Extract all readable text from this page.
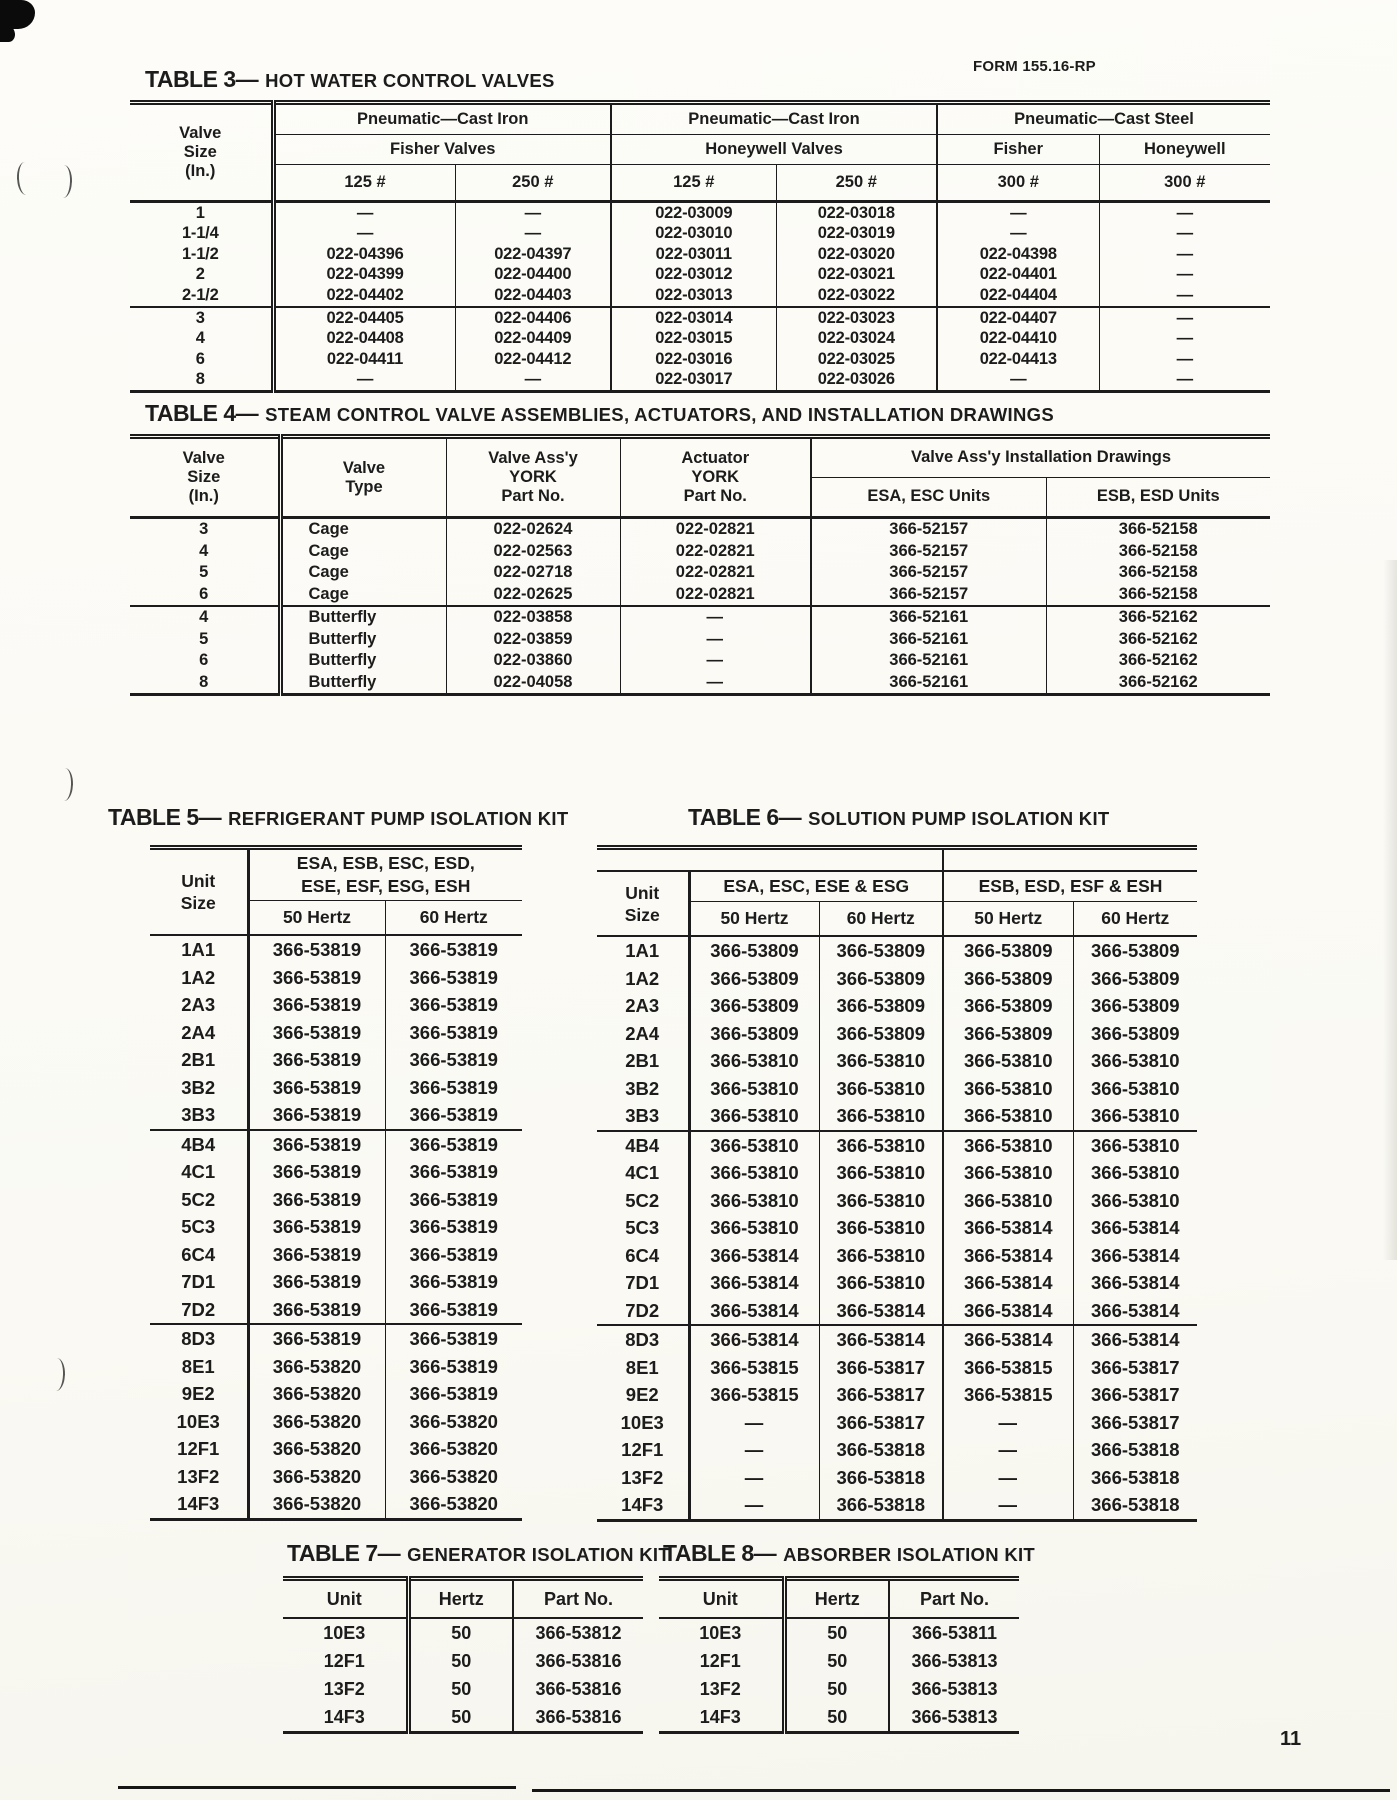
FORM 155.16-RP
TABLE 3— HOT WATER CONTROL VALVES
Valve
Size
(In.)	Pneumatic—Cast Iron		Pneumatic—Cast Iron		Pneumatic—Cast Steel	
	Fisher Valves		Honeywell Valves		Fisher	Honeywell
	125 #	250 #	125 #	250 #	300 #	300 #
1	—	—	022-03009	022-03018	—	—
1-1/4	—	—	022-03010	022-03019	—	—
1-1/2	022-04396	022-04397	022-03011	022-03020	022-04398	—
2	022-04399	022-04400	022-03012	022-03021	022-04401	—
2-1/2	022-04402	022-04403	022-03013	022-03022	022-04404	—
3	022-04405	022-04406	022-03014	022-03023	022-04407	—
4	022-04408	022-04409	022-03015	022-03024	022-04410	—
6	022-04411	022-04412	022-03016	022-03025	022-04413	—
8	—	—	022-03017	022-03026	—	—
TABLE 4— STEAM CONTROL VALVE ASSEMBLIES, ACTUATORS, AND INSTALLATION DRAWINGS
Valve
Size
(In.)

Valve
Type

Valve Ass'y
YORK
Part No.

Actuator
YORK
Part No.
	Valve Ass'y Installation Drawings
				ESA, ESC Units	ESB, ESD Units
3	Cage	022-02624	022-02821	366-52157	366-52158
4	Cage	022-02563	022-02821	366-52157	366-52158
5	Cage	022-02718	022-02821	366-52157	366-52158
6	Cage	022-02625	022-02821	366-52157	366-52158
4	Butterfly	022-03858	—	366-52161	366-52162
5	Butterfly	022-03859	—	366-52161	366-52162
6	Butterfly	022-03860	—	366-52161	366-52162
8	Butterfly	022-04058	—	366-52161	366-52162
TABLE 5— REFRIGERANT PUMP ISOLATION KIT
Unit
Size

ESA, ESB, ESC, ESD,
ESE, ESF, ESG, ESH

	50 Hertz	60 Hertz
1A1	366-53819	366-53819
1A2	366-53819	366-53819
2A3	366-53819	366-53819
2A4	366-53819	366-53819
2B1	366-53819	366-53819
3B2	366-53819	366-53819
3B3	366-53819	366-53819
4B4	366-53819	366-53819
4C1	366-53819	366-53819
5C2	366-53819	366-53819
5C3	366-53819	366-53819
6C4	366-53819	366-53819
7D1	366-53819	366-53819
7D2	366-53819	366-53819
8D3	366-53819	366-53819
8E1	366-53820	366-53819
9E2	366-53820	366-53819
10E3	366-53820	366-53820
12F1	366-53820	366-53820
13F2	366-53820	366-53820
14F3	366-53820	366-53820
TABLE 6— SOLUTION PUMP ISOLATION KIT

Unit
Size	ESA, ESC, ESE & ESG		ESB, ESD, ESF & ESH	
	50 Hertz	60 Hertz	50 Hertz	60 Hertz
1A1	366-53809	366-53809	366-53809	366-53809
1A2	366-53809	366-53809	366-53809	366-53809
2A3	366-53809	366-53809	366-53809	366-53809
2A4	366-53809	366-53809	366-53809	366-53809
2B1	366-53810	366-53810	366-53810	366-53810
3B2	366-53810	366-53810	366-53810	366-53810
3B3	366-53810	366-53810	366-53810	366-53810
4B4	366-53810	366-53810	366-53810	366-53810
4C1	366-53810	366-53810	366-53810	366-53810
5C2	366-53810	366-53810	366-53810	366-53810
5C3	366-53810	366-53810	366-53814	366-53814
6C4	366-53814	366-53810	366-53814	366-53814
7D1	366-53814	366-53810	366-53814	366-53814
7D2	366-53814	366-53814	366-53814	366-53814
8D3	366-53814	366-53814	366-53814	366-53814
8E1	366-53815	366-53817	366-53815	366-53817
9E2	366-53815	366-53817	366-53815	366-53817
10E3	—	366-53817	—	366-53817
12F1	—	366-53818	—	366-53818
13F2	—	366-53818	—	366-53818
14F3	—	366-53818	—	366-53818
TABLE 7— GENERATOR ISOLATION KIT
Unit	Hertz	Part No.
10E3	50	366-53812
12F1	50	366-53816
13F2	50	366-53816
14F3	50	366-53816
TABLE 8— ABSORBER ISOLATION KIT
Unit	Hertz	Part No.
10E3	50	366-53811
12F1	50	366-53813
13F2	50	366-53813
14F3	50	366-53813
11
